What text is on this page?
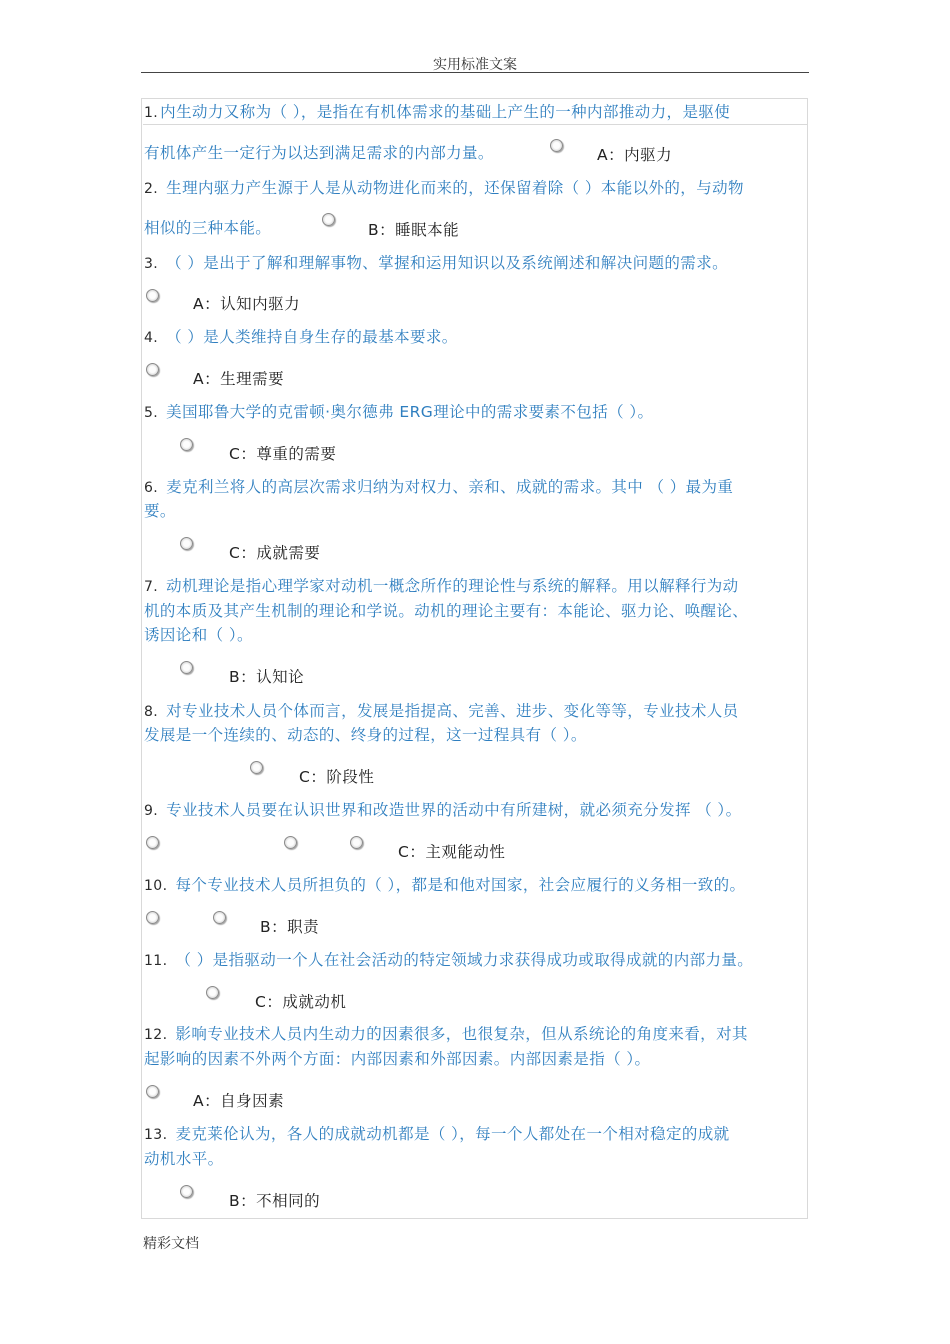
实用标准文案
1. 内生动力又称为（ ），是指在有机体需求的基础上产生的一种内部推动力，是驱使
有机体产生一定行为以达到满足需求的内部力量。	A：内驱力
2. 生理内驱力产生源于人是从动物进化而来的，还保留着除（ ）本能以外的，与动物
相似的三种本能。	B：睡眠本能
3. （ ）是出于了解和理解事物、掌握和运用知识以及系统阐述和解决问题的需求。
A：认知内驱力
4. （ ）是人类维持自身生存的最基本要求。
A：生理需要
5. 美国耶鲁大学的克雷顿·奥尔德弗 ERG理论中的需求要素不包括（ ）。
C：尊重的需要
6. 麦克利兰将人的高层次需求归纳为对权力、亲和、成就的需求。其中 （ ）最为重
要。
C：成就需要
7. 动机理论是指心理学家对动机一概念所作的理论性与系统的解释。用以解释行为动
机的本质及其产生机制的理论和学说。动机的理论主要有：本能论、驱力论、唤醒论、
诱因论和（ ）。
B：认知论
8. 对专业技术人员个体而言，发展是指提高、完善、进步、变化等等，专业技术人员
发展是一个连续的、动态的、终身的过程，这一过程具有（ ）。
C：阶段性
9. 专业技术人员要在认识世界和改造世界的活动中有所建树，就必须充分发挥 （ ）。
C：主观能动性
10. 每个专业技术人员所担负的（ ），都是和他对国家，社会应履行的义务相一致的。
B：职责
11. （ ）是指驱动一个人在社会活动的特定领域力求获得成功或取得成就的内部力量。
C：成就动机
12. 影响专业技术人员内生动力的因素很多，也很复杂，但从系统论的角度来看，对其
起影响的因素不外两个方面：内部因素和外部因素。内部因素是指（ ）。
A：自身因素
13. 麦克莱伦认为，各人的成就动机都是（ ），每一个人都处在一个相对稳定的成就
动机水平。
B：不相同的
精彩文档
